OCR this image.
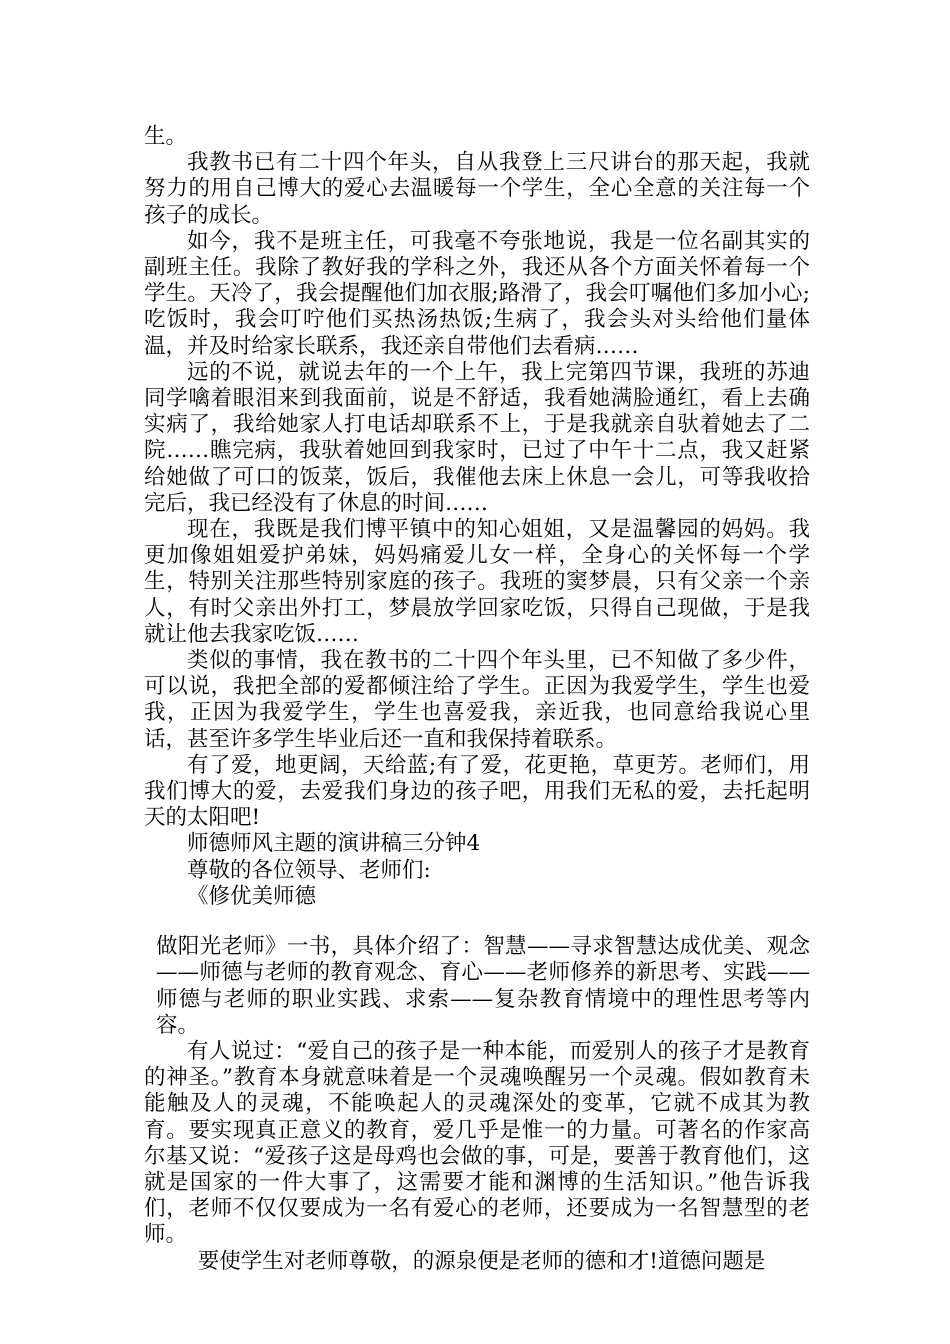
生。

我教书已有二十四个年头，自从我登上三尺讲台的那天起，我就努力的用自己博大的爱心去温暖每一个学生，全心全意的关注每一个孩子的成长。

如今，我不是班主任，可我毫不夸张地说，我是一位名副其实的副班主任。我除了教好我的学科之外，我还从各个方面关怀着每一个学生。天冷了，我会提醒他们加衣服;路滑了，我会叮嘱他们多加小心;吃饭时，我会叮咛他们买热汤热饭;生病了，我会头对头给他们量体温，并及时给家长联系，我还亲自带他们去看病……

远的不说，就说去年的一个上午，我上完第四节课，我班的苏迪同学噙着眼泪来到我面前，说是不舒适，我看她满脸通红，看上去确实病了，我给她家人打电话却联系不上，于是我就亲自驮着她去了二院……瞧完病，我驮着她回到我家时，已过了中午十二点，我又赶紧给她做了可口的饭菜，饭后，我催他去床上休息一会儿，可等我收拾完后，我已经没有了休息的时间……

现在，我既是我们博平镇中的知心姐姐，又是温馨园的妈妈。我更加像姐姐爱护弟妹，妈妈痛爱儿女一样，全身心的关怀每一个学生，特别关注那些特别家庭的孩子。我班的窦梦晨，只有父亲一个亲人，有时父亲出外打工，梦晨放学回家吃饭，只得自己现做，于是我就让他去我家吃饭……

类似的事情，我在教书的二十四个年头里，已不知做了多少件，可以说，我把全部的爱都倾注给了学生。正因为我爱学生，学生也爱我，正因为我爱学生，学生也喜爱我，亲近我，也同意给我说心里话，甚至许多学生毕业后还一直和我保持着联系。

有了爱，地更阔，天给蓝;有了爱，花更艳，草更芳。老师们，用我们博大的爱，去爱我们身边的孩子吧，用我们无私的爱，去托起明天的太阳吧!

师德师风主题的演讲稿三分钟4

尊敬的各位领导、老师们:

《修优美师德

做阳光老师》一书，具体介绍了：智慧——寻求智慧达成优美、观念——师德与老师的教育观念、育心——老师修养的新思考、实践——师德与老师的职业实践、求索——复杂教育情境中的理性思考等内容。

有人说过：“爱自己的孩子是一种本能，而爱别人的孩子才是教育的神圣。”教育本身就意味着是一个灵魂唤醒另一个灵魂。假如教育未能触及人的灵魂，不能唤起人的灵魂深处的变革，它就不成其为教育。要实现真正意义的教育，爱几乎是惟一的力量。可著名的作家高尔基又说：“爱孩子这是母鸡也会做的事，可是，要善于教育他们，这就是国家的一件大事了，这需要才能和渊博的生活知识。”他告诉我们，老师不仅仅要成为一名有爱心的老师，还要成为一名智慧型的老师。

要使学生对老师尊敬，的源泉便是老师的德和才!道德问题是
